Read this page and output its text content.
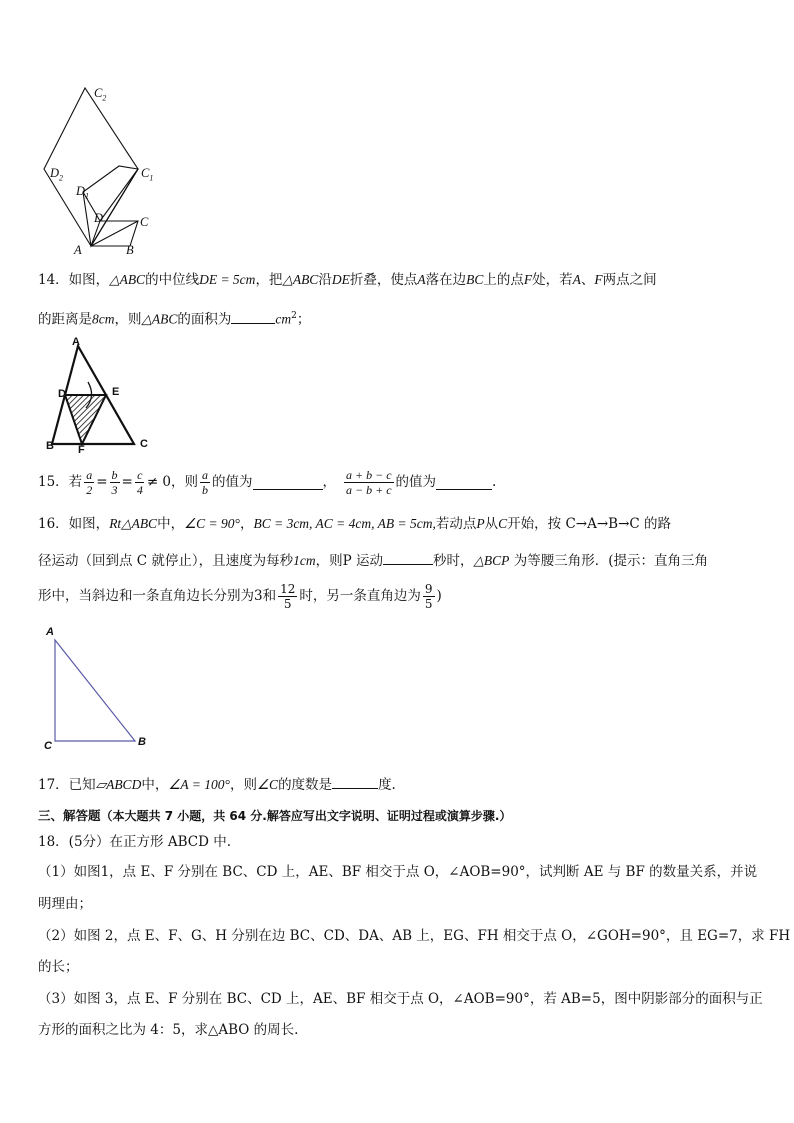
$C_2$
$D_2$	$C_1$
$D_1$
D	C
A	B
14．如图，△ABC的中位线DE = 5cm，把△ABC沿DE折叠，使点A落在边BC上的点F处，若A、F两点之间
的距离是8cm，则△ABC的面积为	$cm^2$；
A
D	E
B F	C
15．若 $\frac{a}{2} = \frac{b}{3} = \frac{c}{4} \ne 0$ ，则 $\frac{a}{b}$ 的值为	， $\frac{a + b - c}{a - b + c}$ 的值为	.
16．如图，Rt△ABC中，∠C = 90°，BC = 3cm, AC = 4cm, AB = 5cm,若动点P从C开始，按 C→A→B→C 的路
径运动（回到点 C 就停止），且速度为每秒1cm，则P 运动	秒时，△BCP 为等腰三角形．(提示：直角三角
形中，当斜边和一条直角边长分别为 3 和 $\frac{12}{5}$ 时，另一条直角边为 $\frac{9}{5}$ )
A
C	B
17．已知▱ABCD中，∠A = 100°，则∠C的度数是	度.
三、解答题（本大题共 7 小题，共 64 分.解答应写出文字说明、证明过程或演算步骤.）
18．(5分）在正方形 ABCD 中.
（1）如图1，点 E、F 分别在 BC、CD 上，AE、BF 相交于点 O，∠AOB=90°，试判断 AE 与 BF 的数量关系，并说
明理由；
（2）如图 2，点 E、F、G、H 分别在边 BC、CD、DA、AB 上，EG、FH 相交于点 O，∠GOH=90°，且 EG=7，求 FH
的长；
（3）如图 3，点 E、F 分别在 BC、CD 上，AE、BF 相交于点 O，∠AOB=90°，若 AB=5，图中阴影部分的面积与正
方形的面积之比为 4：5，求△ABO 的周长.
